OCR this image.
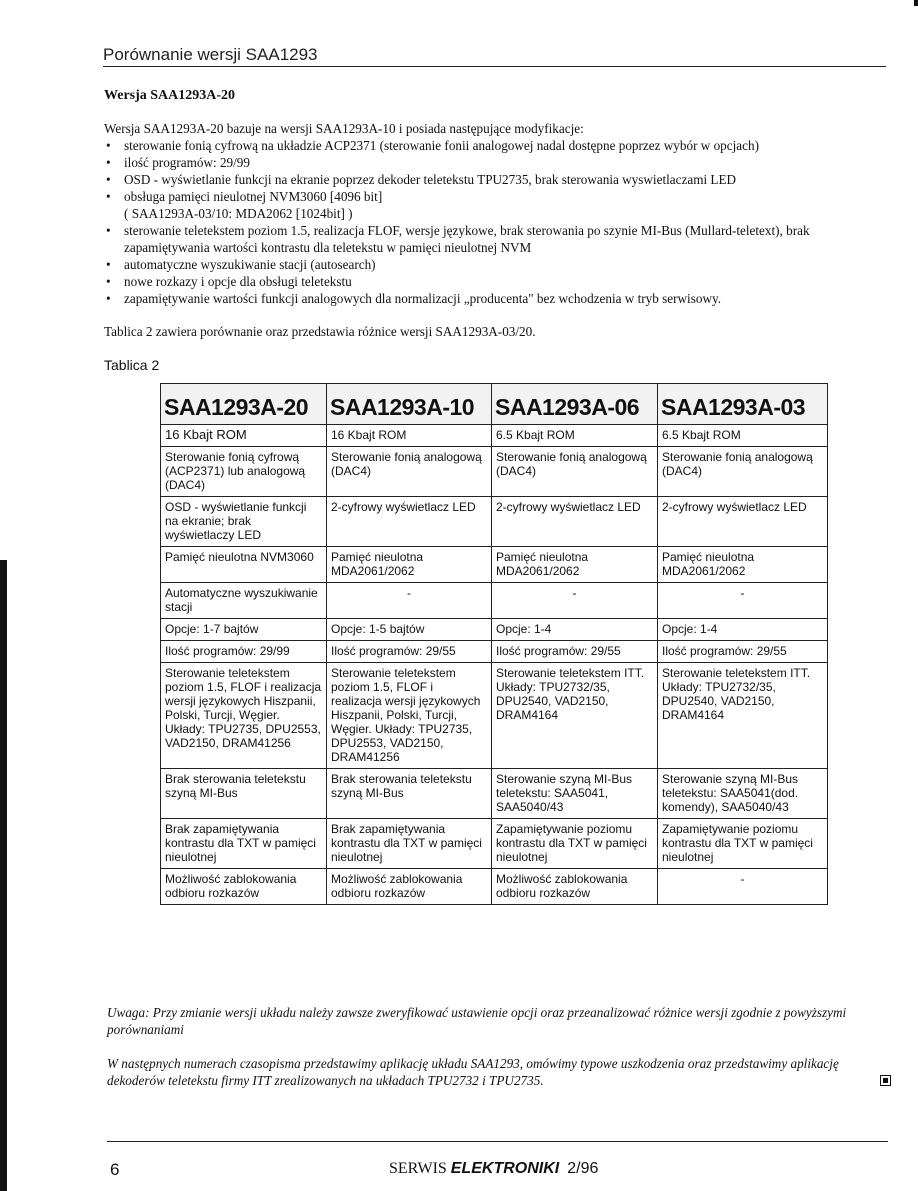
Porównanie wersji SAA1293
Wersja SAA1293A-20
Wersja SAA1293A-20 bazuje na wersji SAA1293A-10 i posiada następujące modyfikacje:
• sterowanie fonią cyfrową na układzie ACP2371 (sterowanie fonii analogowej nadal dostępne poprzez wybór w opcjach)
• ilość programów: 29/99
• OSD - wyświetlanie funkcji na ekranie poprzez dekoder teletekstu TPU2735, brak sterowania wyswietlaczami LED
• obsługa pamięci nieulotnej NVM3060 [4096 bit]
( SAA1293A-03/10: MDA2062 [1024bit] )
• sterowanie teletekstem poziom 1.5, realizacja FLOF, wersje językowe, brak sterowania po szynie MI-Bus (Mullard-teletext), brak zapamiętywania wartości kontrastu dla teletekstu w pamięci nieulotnej NVM
• automatyczne wyszukiwanie stacji (autosearch)
• nowe rozkazy i opcje dla obsługi teletekstu
• zapamiętywanie wartości funkcji analogowych dla normalizacji „producenta" bez wchodzenia w tryb serwisowy.
Tablica 2 zawiera porównanie oraz przedstawia różnice wersji SAA1293A-03/20.
Tablica 2
SAA1293A-20	SAA1293A-10	SAA1293A-06	SAA1293A-03
16 Kbajt ROM	16 Kbajt ROM	6.5 Kbajt ROM	6.5 Kbajt ROM
Sterowanie fonią cyfrową (ACP2371) lub analogową (DAC4)	Sterowanie fonią analogową (DAC4)	Sterowanie fonią analogową (DAC4)	Sterowanie fonią analogową (DAC4)
OSD - wyświetlanie funkcji na ekranie; brak wyświetlaczy LED	2-cyfrowy wyświetlacz LED	2-cyfrowy wyświetlacz LED	2-cyfrowy wyświetlacz LED
Pamięć nieulotna NVM3060	Pamięć nieulotna MDA2061/2062	Pamięć nieulotna MDA2061/2062	Pamięć nieulotna MDA2061/2062
Automatyczne wyszukiwanie stacji	-	-	-
Opcje: 1-7 bajtów	Opcje: 1-5 bajtów	Opcje: 1-4	Opcje: 1-4
Ilość programów: 29/99	Ilość programów: 29/55	Ilość programów: 29/55	Ilość programów: 29/55
Sterowanie teletekstem poziom 1.5, FLOF i realizacja wersji językowych Hiszpanii, Polski, Turcji, Węgier. Układy: TPU2735, DPU2553, VAD2150, DRAM41256	Sterowanie teletekstem poziom 1.5, FLOF i realizacja wersji językowych Hiszpanii, Polski, Turcji, Węgier. Układy: TPU2735, DPU2553, VAD2150, DRAM41256	Sterowanie teletekstem ITT. Układy: TPU2732/35, DPU2540, VAD2150, DRAM4164	Sterowanie teletekstem ITT. Układy: TPU2732/35, DPU2540, VAD2150, DRAM4164
Brak sterowania teletekstu szyną MI-Bus	Brak sterowania teletekstu szyną MI-Bus	Sterowanie szyną MI-Bus teletekstu: SAA5041, SAA5040/43	Sterowanie szyną MI-Bus teletekstu: SAA5041(dod. komendy), SAA5040/43
Brak zapamiętywania kontrastu dla TXT w pamięci nieulotnej	Brak zapamiętywania kontrastu dla TXT w pamięci nieulotnej	Zapamiętywanie poziomu kontrastu dla TXT w pamięci nieulotnej	Zapamiętywanie poziomu kontrastu dla TXT w pamięci nieulotnej
Możliwość zablokowania odbioru rozkazów	Możliwość zablokowania odbioru rozkazów	Możliwość zablokowania odbioru rozkazów	-
Uwaga: Przy zmianie wersji układu należy zawsze zweryfikować ustawienie opcji oraz przeanalizować różnice wersji zgodnie z powyższymi porównaniami
W następnych numerach czasopisma przedstawimy aplikację układu SAA1293, omówimy typowe uszkodzenia oraz przedstawimy aplikację dekoderów teletekstu firmy ITT zrealizowanych na układach TPU2732 i TPU2735.
6	SERWIS ELEKTRONIKI 2/96
